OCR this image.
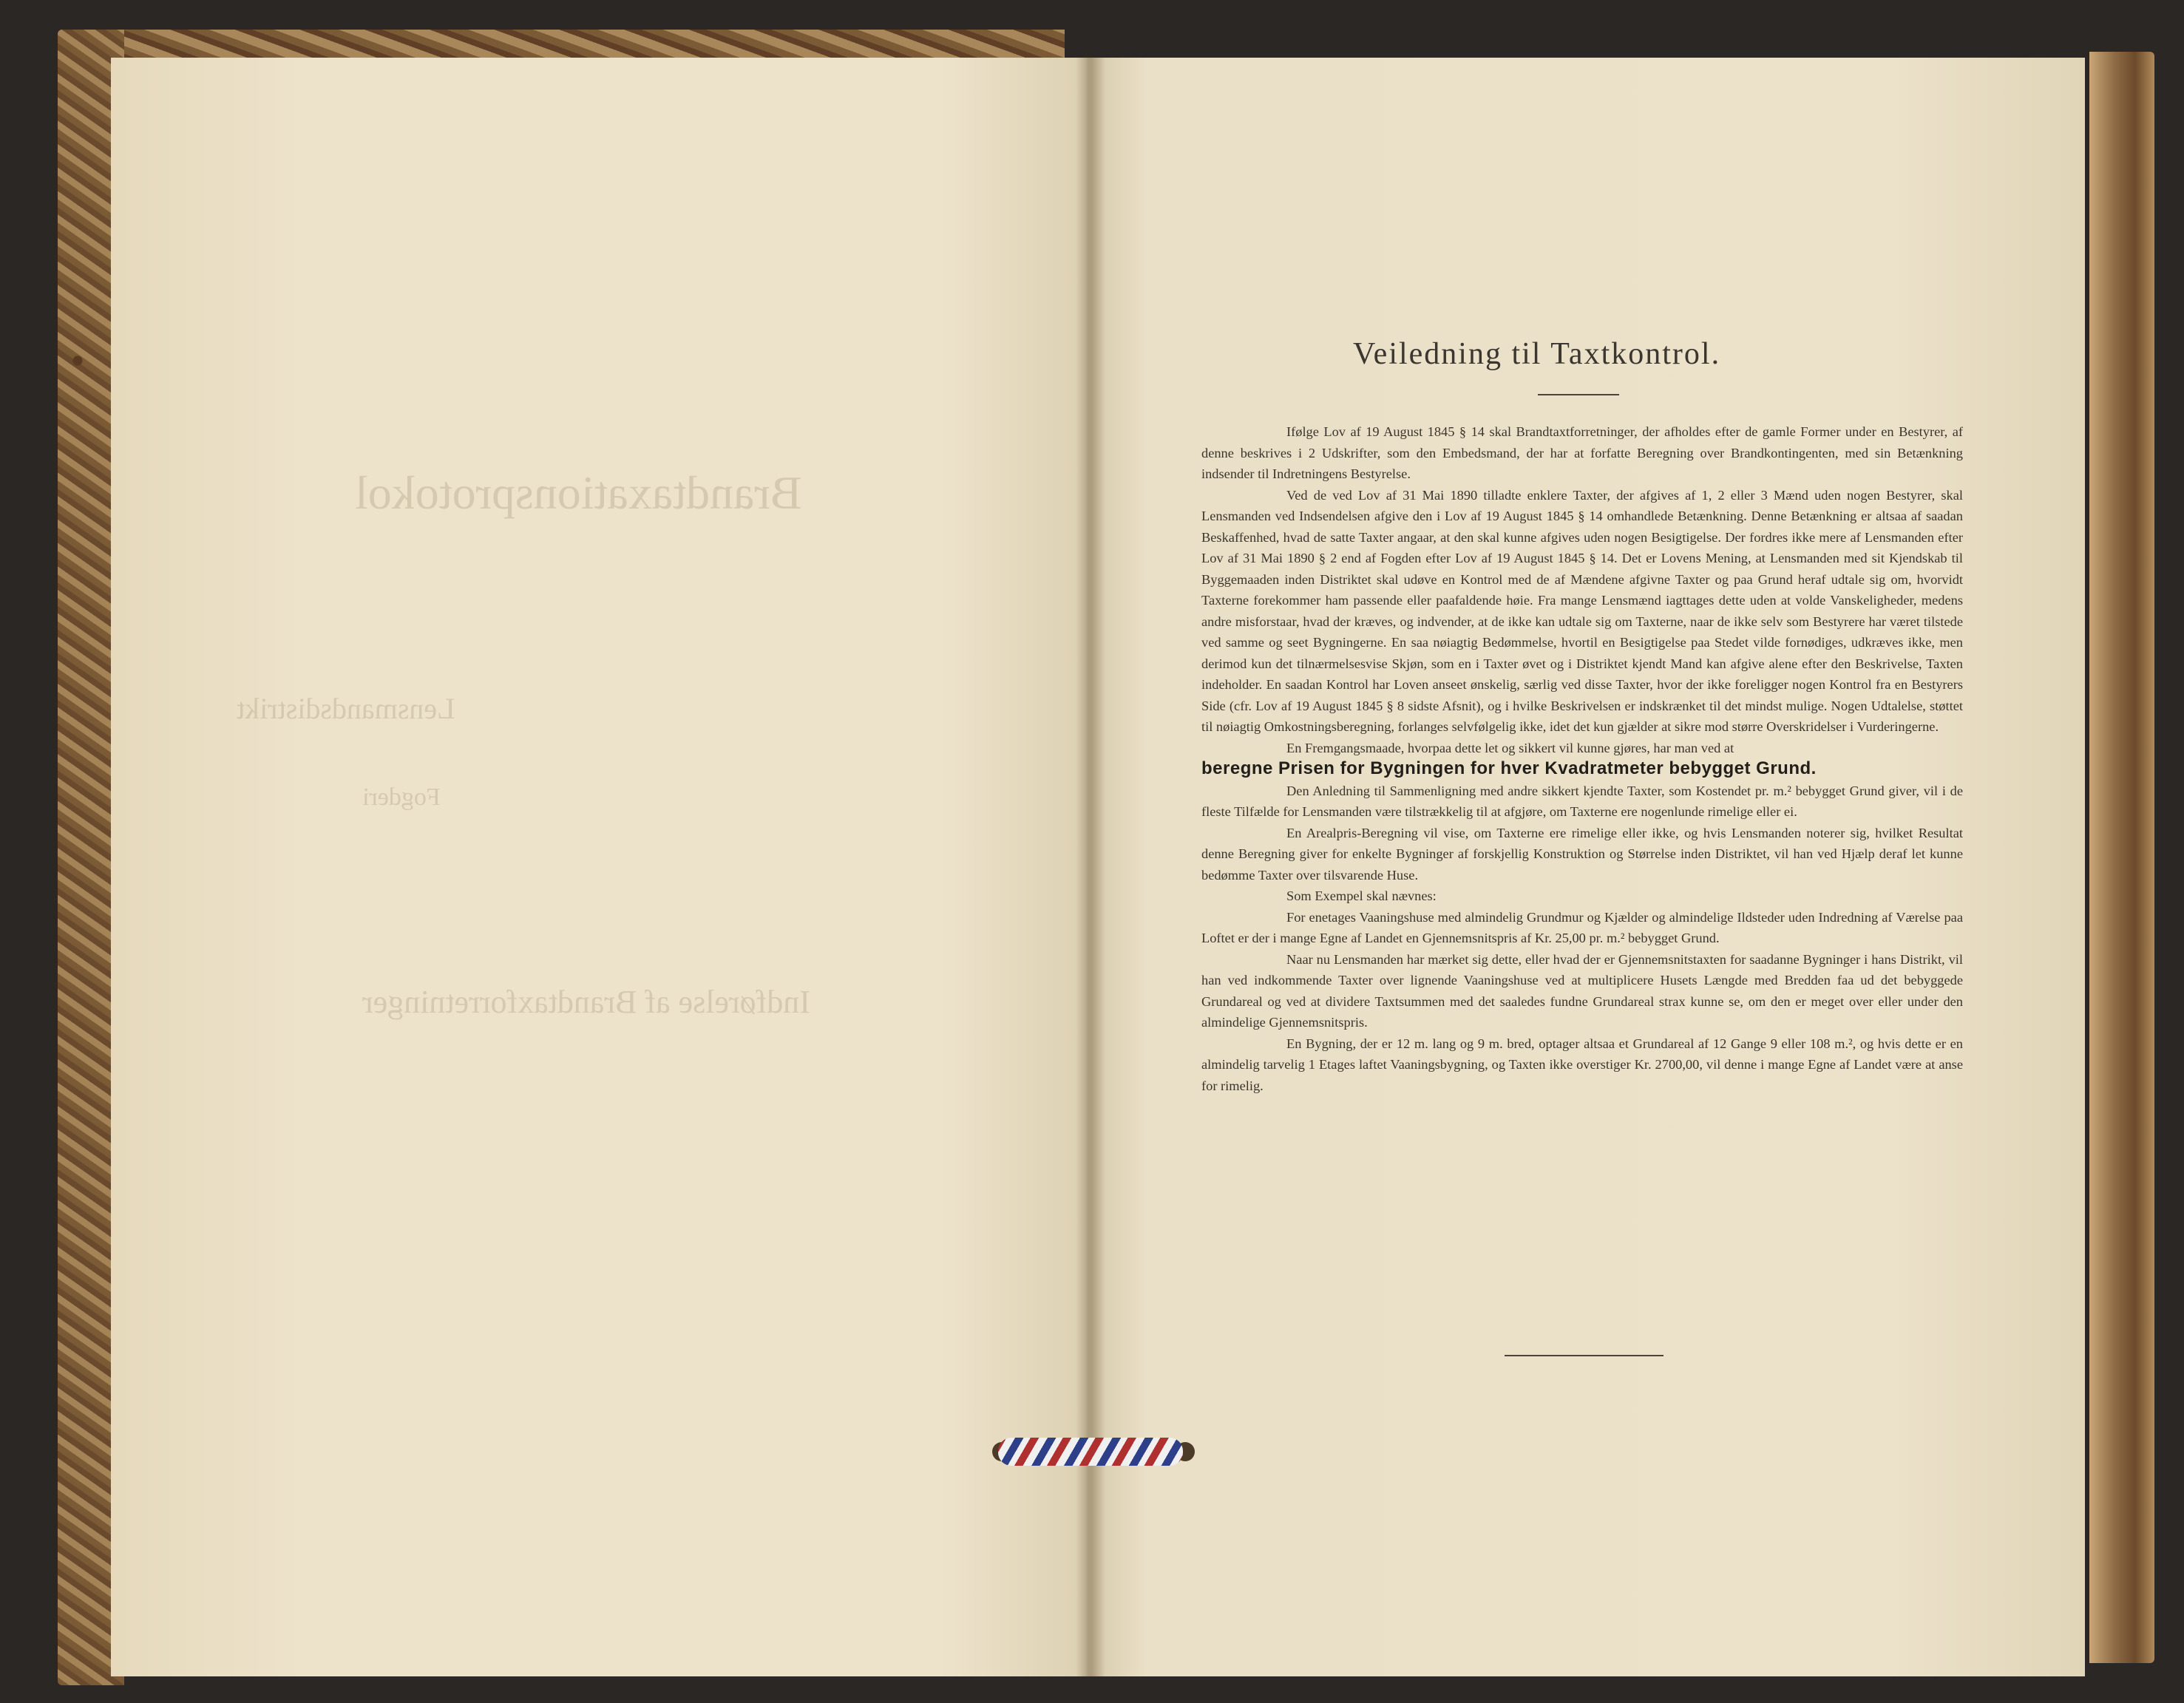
Brandtaxationsprotokol
Lensmandsdistrikt
Fogderi
Indførelse af Brandtaxforretninger
Veiledning til Taxtkontrol.

Ifølge Lov af 19 August 1845 § 14 skal Brandtaxtforretninger, der afholdes efter de gamle Former under en Bestyrer, af denne beskrives i 2 Udskrifter, som den Embedsmand, der har at forfatte Beregning over Brandkontingenten, med sin Betænkning indsender til Indretningens Bestyrelse.

Ved de ved Lov af 31 Mai 1890 tilladte enklere Taxter, der afgives af 1, 2 eller 3 Mænd uden nogen Bestyrer, skal Lensmanden ved Indsendelsen afgive den i Lov af 19 August 1845 § 14 omhandlede Betænkning. Denne Betænkning er altsaa af saadan Beskaffenhed, hvad de satte Taxter angaar, at den skal kunne afgives uden nogen Besigtigelse. Der fordres ikke mere af Lensmanden efter Lov af 31 Mai 1890 § 2 end af Fogden efter Lov af 19 August 1845 § 14. Det er Lovens Mening, at Lensmanden med sit Kjendskab til Byggemaaden inden Distriktet skal udøve en Kontrol med de af Mændene afgivne Taxter og paa Grund heraf udtale sig om, hvorvidt Taxterne forekommer ham passende eller paafaldende høie. Fra mange Lensmænd iagttages dette uden at volde Vanskeligheder, medens andre misforstaar, hvad der kræves, og indvender, at de ikke kan udtale sig om Taxterne, naar de ikke selv som Bestyrere har været tilstede ved samme og seet Bygningerne. En saa nøiagtig Bedømmelse, hvortil en Besigtigelse paa Stedet vilde fornødiges, udkræves ikke, men derimod kun det tilnærmelsesvise Skjøn, som en i Taxter øvet og i Distriktet kjendt Mand kan afgive alene efter den Beskrivelse, Taxten indeholder. En saadan Kontrol har Loven anseet ønskelig, særlig ved disse Taxter, hvor der ikke foreligger nogen Kontrol fra en Bestyrers Side (cfr. Lov af 19 August 1845 § 8 sidste Afsnit), og i hvilke Beskrivelsen er indskrænket til det mindst mulige. Nogen Udtalelse, støttet til nøiagtig Omkostningsberegning, forlanges selvfølgelig ikke, idet det kun gjælder at sikre mod større Overskridelser i Vurderingerne.

En Fremgangsmaade, hvorpaa dette let og sikkert vil kunne gjøres, har man ved at

beregne Prisen for Bygningen for hver Kvadratmeter bebygget Grund.

Den Anledning til Sammenligning med andre sikkert kjendte Taxter, som Kostendet pr. m.² bebygget Grund giver, vil i de fleste Tilfælde for Lensmanden være tilstrækkelig til at afgjøre, om Taxterne ere nogenlunde rimelige eller ei.

En Arealpris-Beregning vil vise, om Taxterne ere rimelige eller ikke, og hvis Lensmanden noterer sig, hvilket Resultat denne Beregning giver for enkelte Bygninger af forskjellig Konstruktion og Størrelse inden Distriktet, vil han ved Hjælp deraf let kunne bedømme Taxter over tilsvarende Huse.

Som Exempel skal nævnes:

For enetages Vaaningshuse med almindelig Grundmur og Kjælder og almindelige Ildsteder uden Indredning af Værelse paa Loftet er der i mange Egne af Landet en Gjennemsnitspris af Kr. 25,00 pr. m.² bebygget Grund.

Naar nu Lensmanden har mærket sig dette, eller hvad der er Gjennemsnitstaxten for saadanne Bygninger i hans Distrikt, vil han ved indkommende Taxter over lignende Vaaningshuse ved at multiplicere Husets Længde med Bredden faa ud det bebyggede Grundareal og ved at dividere Taxtsummen med det saaledes fundne Grundareal strax kunne se, om den er meget over eller under den almindelige Gjennemsnitspris.

En Bygning, der er 12 m. lang og 9 m. bred, optager altsaa et Grundareal af 12 Gange 9 eller 108 m.², og hvis dette er en almindelig tarvelig 1 Etages laftet Vaaningsbygning, og Taxten ikke overstiger Kr. 2700,00, vil denne i mange Egne af Landet være at anse for rimelig.
